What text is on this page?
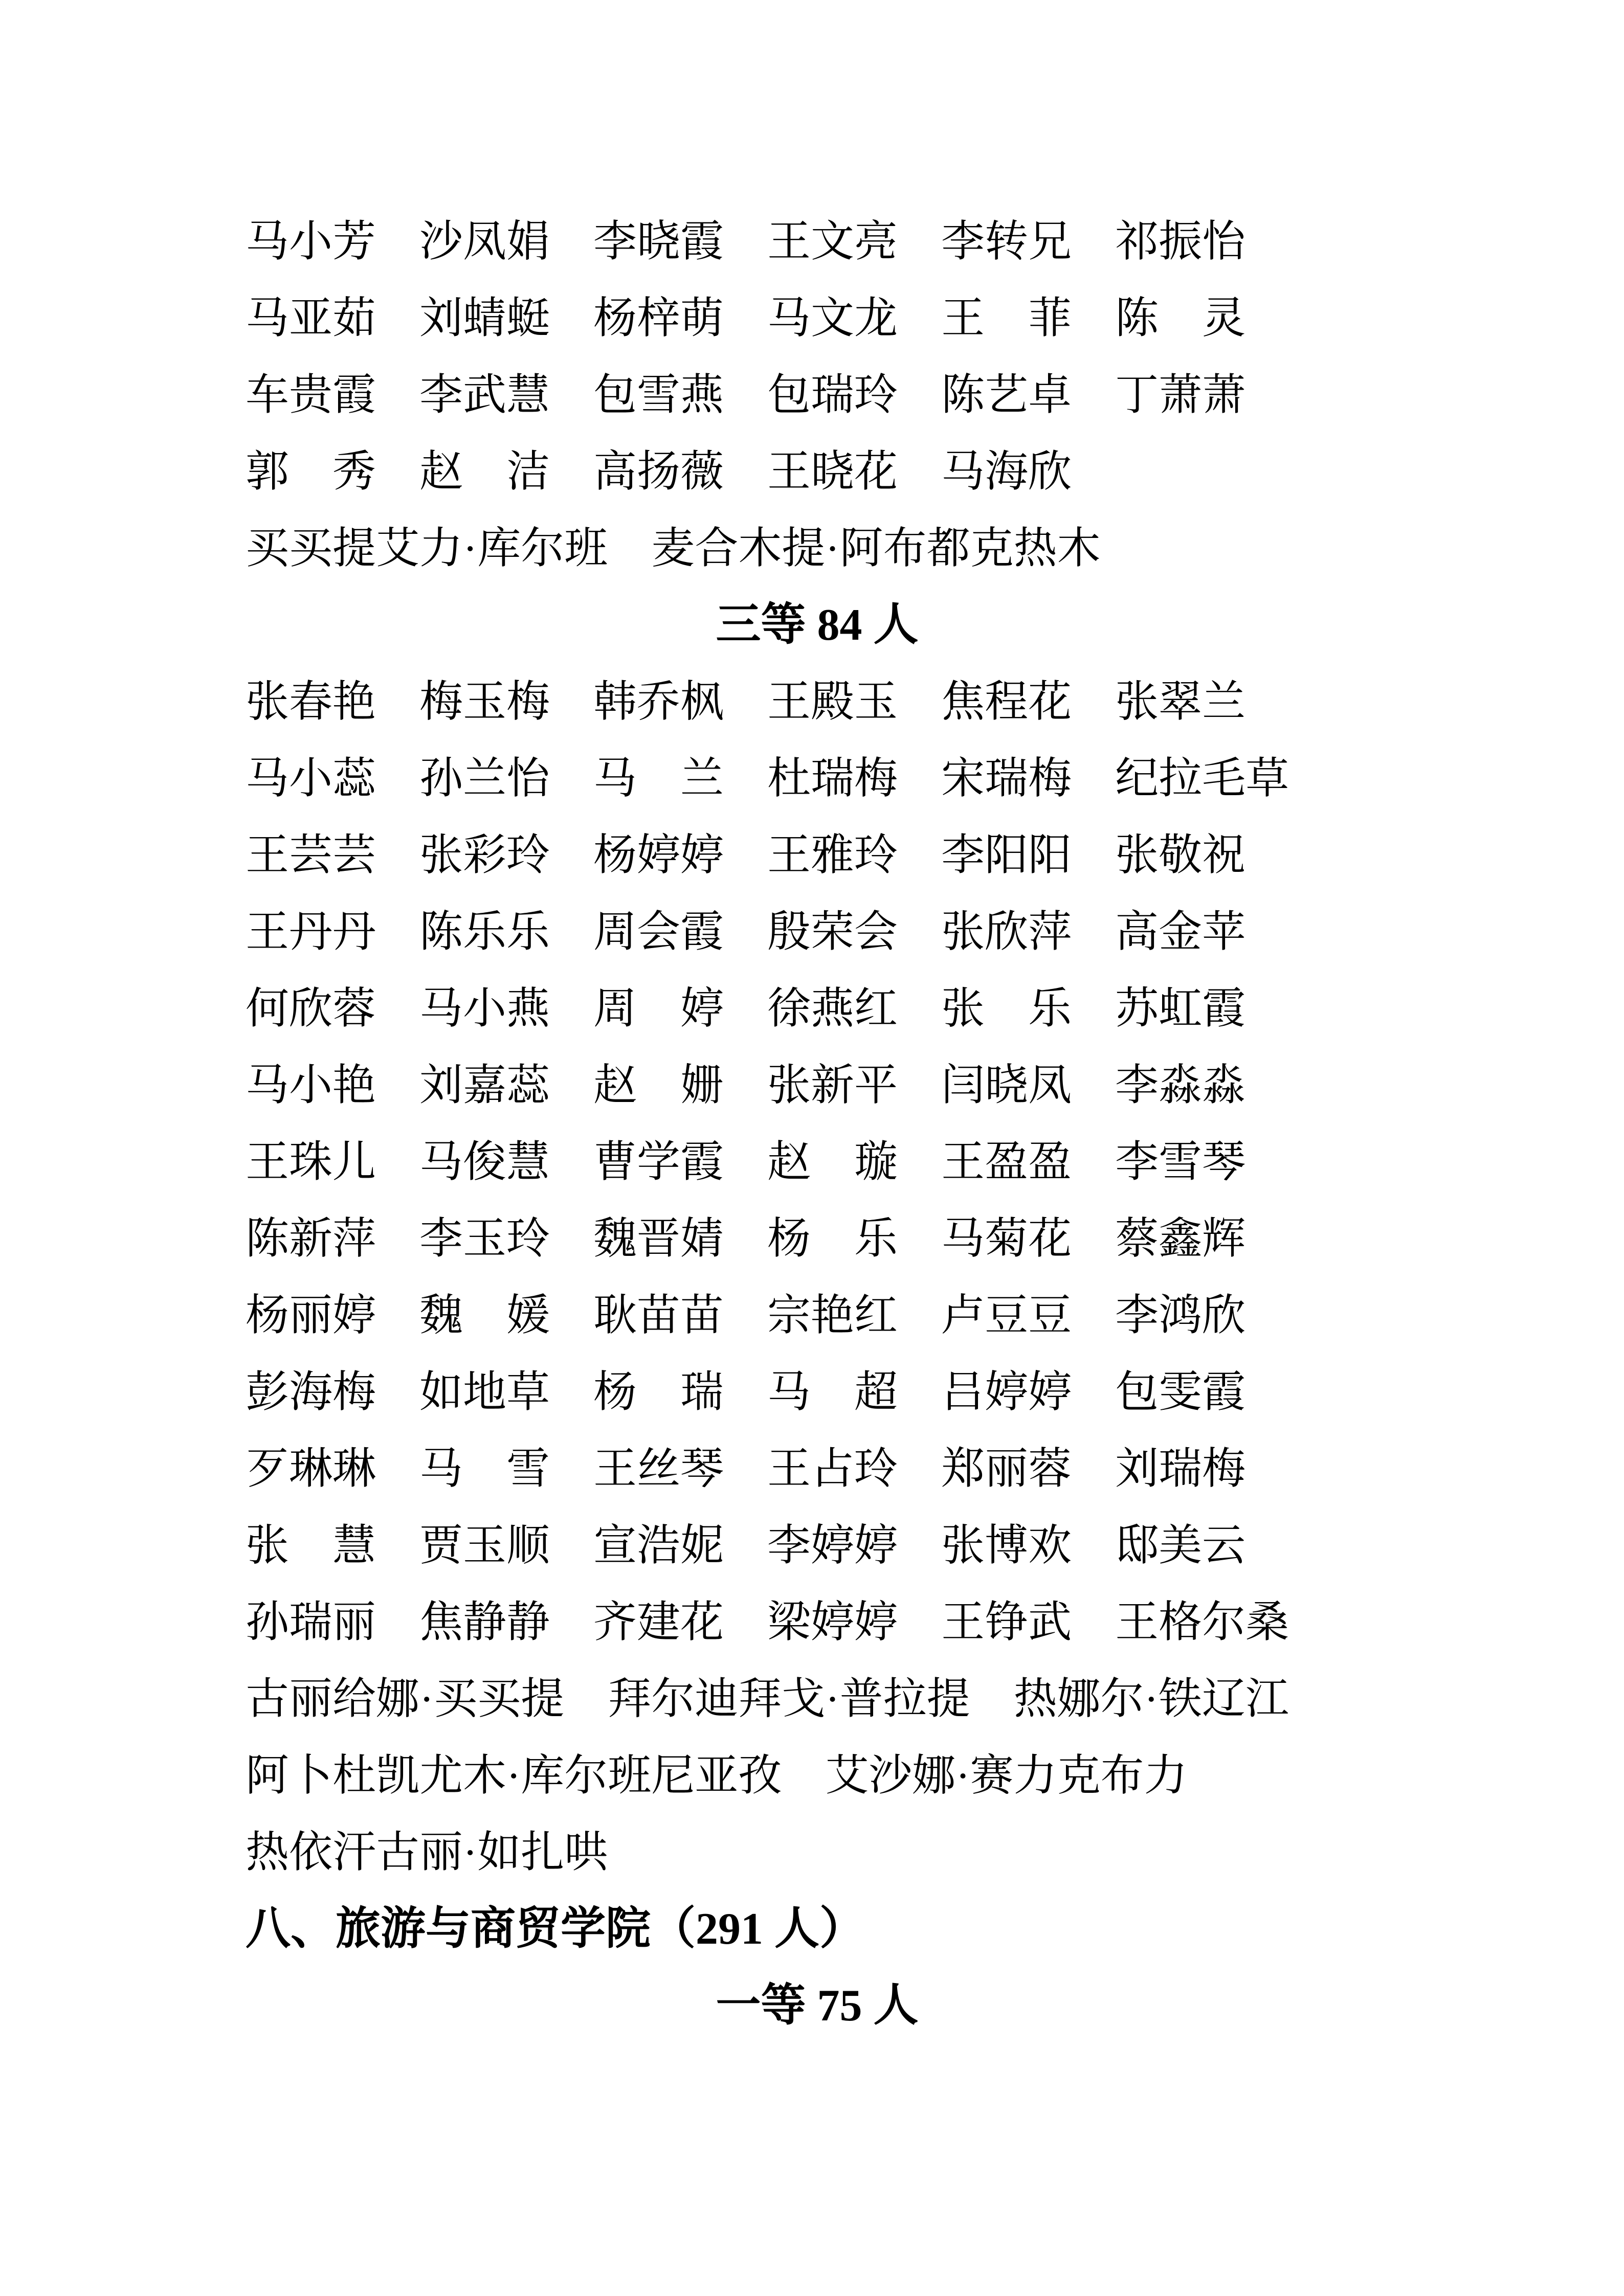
马小芳 沙凤娟 李晓霞 王文亮 李转兄 祁振怡
马亚茹 刘蜻蜓 杨梓萌 马文龙 王　菲 陈　灵
车贵霞 李武慧 包雪燕 包瑞玲 陈艺卓 丁萧萧
郭　秀 赵　洁 高扬薇 王晓花 马海欣
买买提艾力·库尔班 麦合木提·阿布都克热木
三等 84 人
张春艳 梅玉梅 韩乔枫 王殿玉 焦程花 张翠兰
马小蕊 孙兰怡 马　兰 杜瑞梅 宋瑞梅 纪拉毛草
王芸芸 张彩玲 杨婷婷 王雅玲 李阳阳 张敬祝
王丹丹 陈乐乐 周会霞 殷荣会 张欣萍 高金苹
何欣蓉 马小燕 周　婷 徐燕红 张　乐 苏虹霞
马小艳 刘嘉蕊 赵　姗 张新平 闫晓凤 李淼淼
王珠儿 马俊慧 曹学霞 赵　璇 王盈盈 李雪琴
陈新萍 李玉玲 魏晋婧 杨　乐 马菊花 蔡鑫辉
杨丽婷 魏　媛 耿苗苗 宗艳红 卢豆豆 李鸿欣
彭海梅 如地草 杨　瑞 马　超 吕婷婷 包雯霞
歹琳琳 马　雪 王丝琴 王占玲 郑丽蓉 刘瑞梅
张　慧 贾玉顺 宣浩妮 李婷婷 张博欢 邸美云
孙瑞丽 焦静静 齐建花 梁婷婷 王铮武 王格尔桑
古丽给娜·买买提 拜尔迪拜戈·普拉提 热娜尔·铁辽江
阿卜杜凯尤木·库尔班尼亚孜 艾沙娜·赛力克布力
热依汗古丽·如扎哄
八、旅游与商贸学院（291 人）
一等 75 人
